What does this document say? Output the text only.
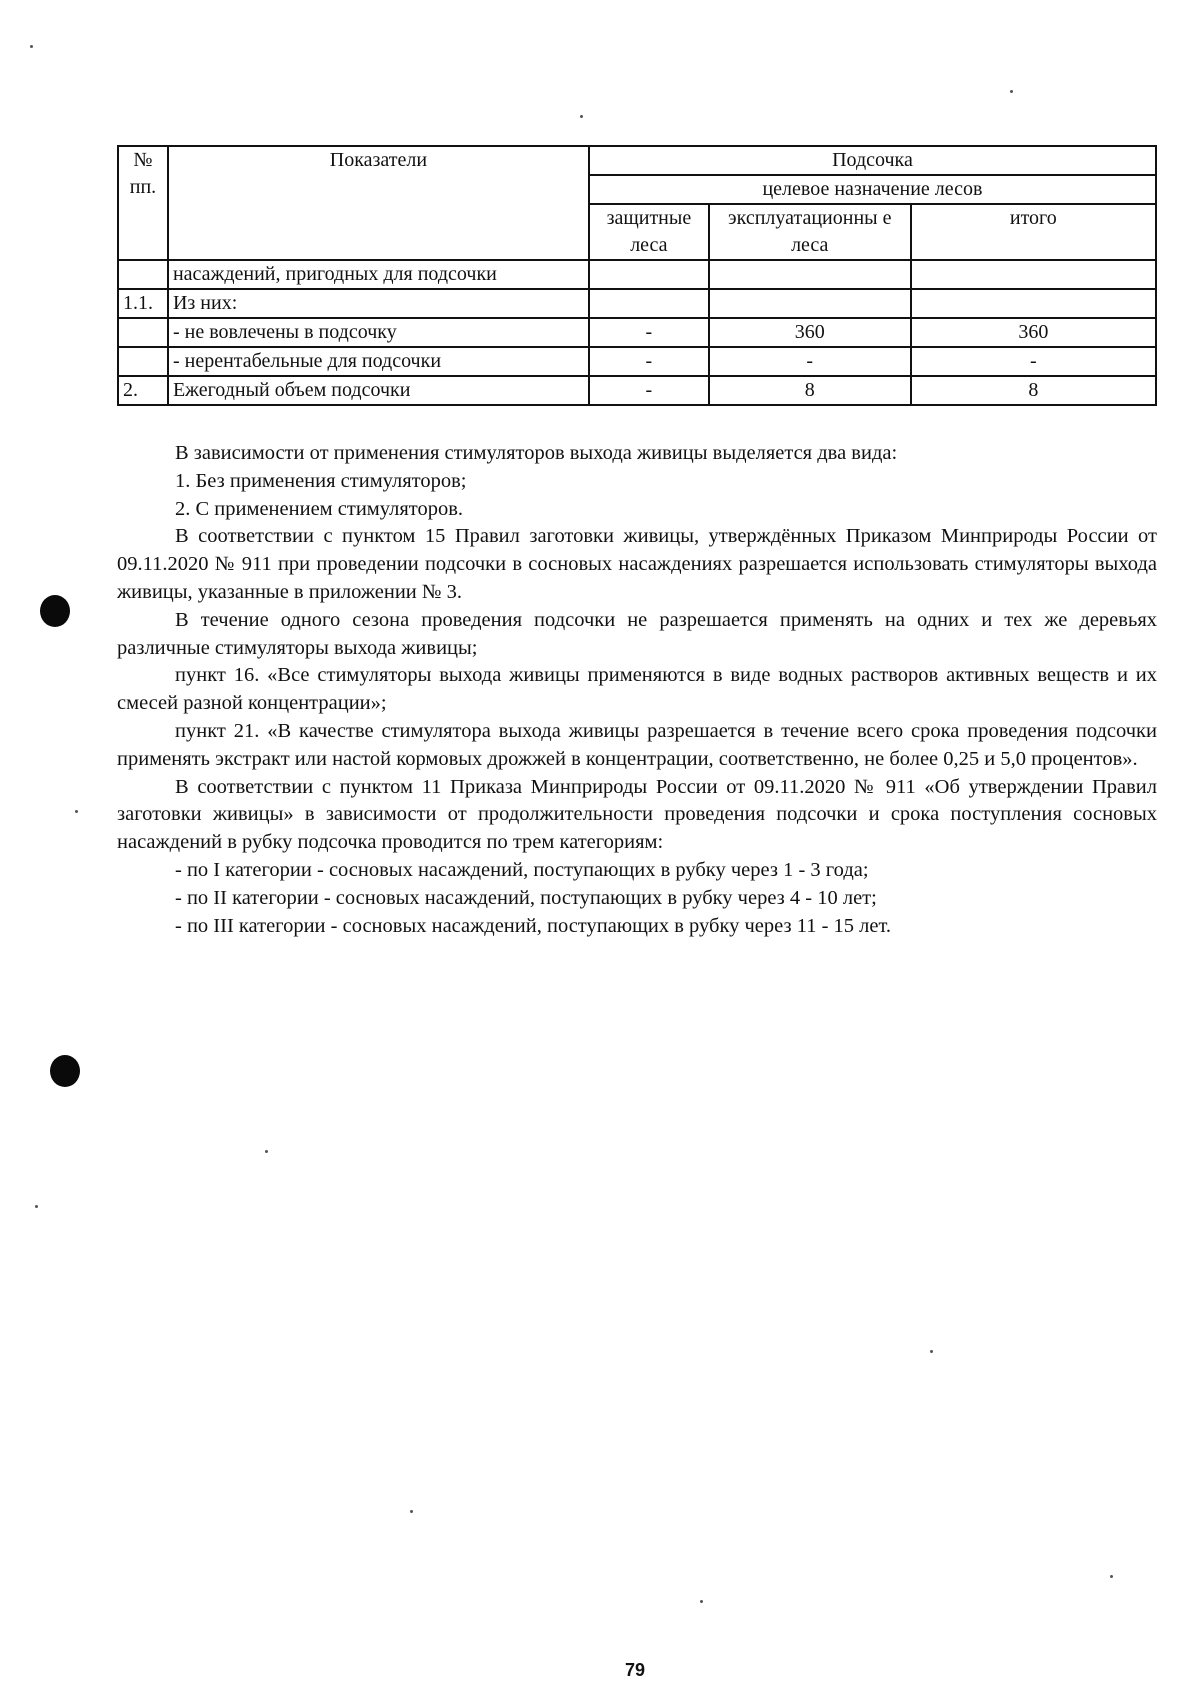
№ пп.	Показатели	Подсочка		
		целевое назначение лесов		
		защитные леса	эксплуатационны е леса	итого
	насаждений, пригодных для подсочки			
1.1.	Из них:			
	- не вовлечены в подсочку	-	360	360
	- нерентабельные для подсочки	-	-	-
2.	Ежегодный объем подсочки	-	8	8

В зависимости от применения стимуляторов выхода живицы выделяется два вида:

1. Без применения стимуляторов;

2. С применением стимуляторов.

В соответствии с пунктом 15 Правил заготовки живицы, утверждённых Приказом Минприроды России от 09.11.2020 № 911 при проведении подсочки в сосновых насаждениях разрешается использовать стимуляторы выхода живицы, указанные в приложении № 3.

В течение одного сезона проведения подсочки не разрешается применять на одних и тех же деревьях различные стимуляторы выхода живицы;

пункт 16. «Все стимуляторы выхода живицы применяются в виде водных растворов активных веществ и их смесей разной концентрации»;

пункт 21. «В качестве стимулятора выхода живицы разрешается в течение всего срока проведения подсочки применять экстракт или настой кормовых дрожжей в концентрации, соответственно, не более 0,25 и 5,0 процентов».

В соответствии с пунктом 11 Приказа Минприроды России от 09.11.2020 № 911 «Об утверждении Правил заготовки живицы» в зависимости от продолжительности проведения подсочки и срока поступления сосновых насаждений в рубку подсочка проводится по трем категориям:

- по I категории - сосновых насаждений, поступающих в рубку через 1 - 3 года;

- по II категории - сосновых насаждений, поступающих в рубку через 4 - 10 лет;

- по III категории - сосновых насаждений, поступающих в рубку через 11 - 15 лет.

79
